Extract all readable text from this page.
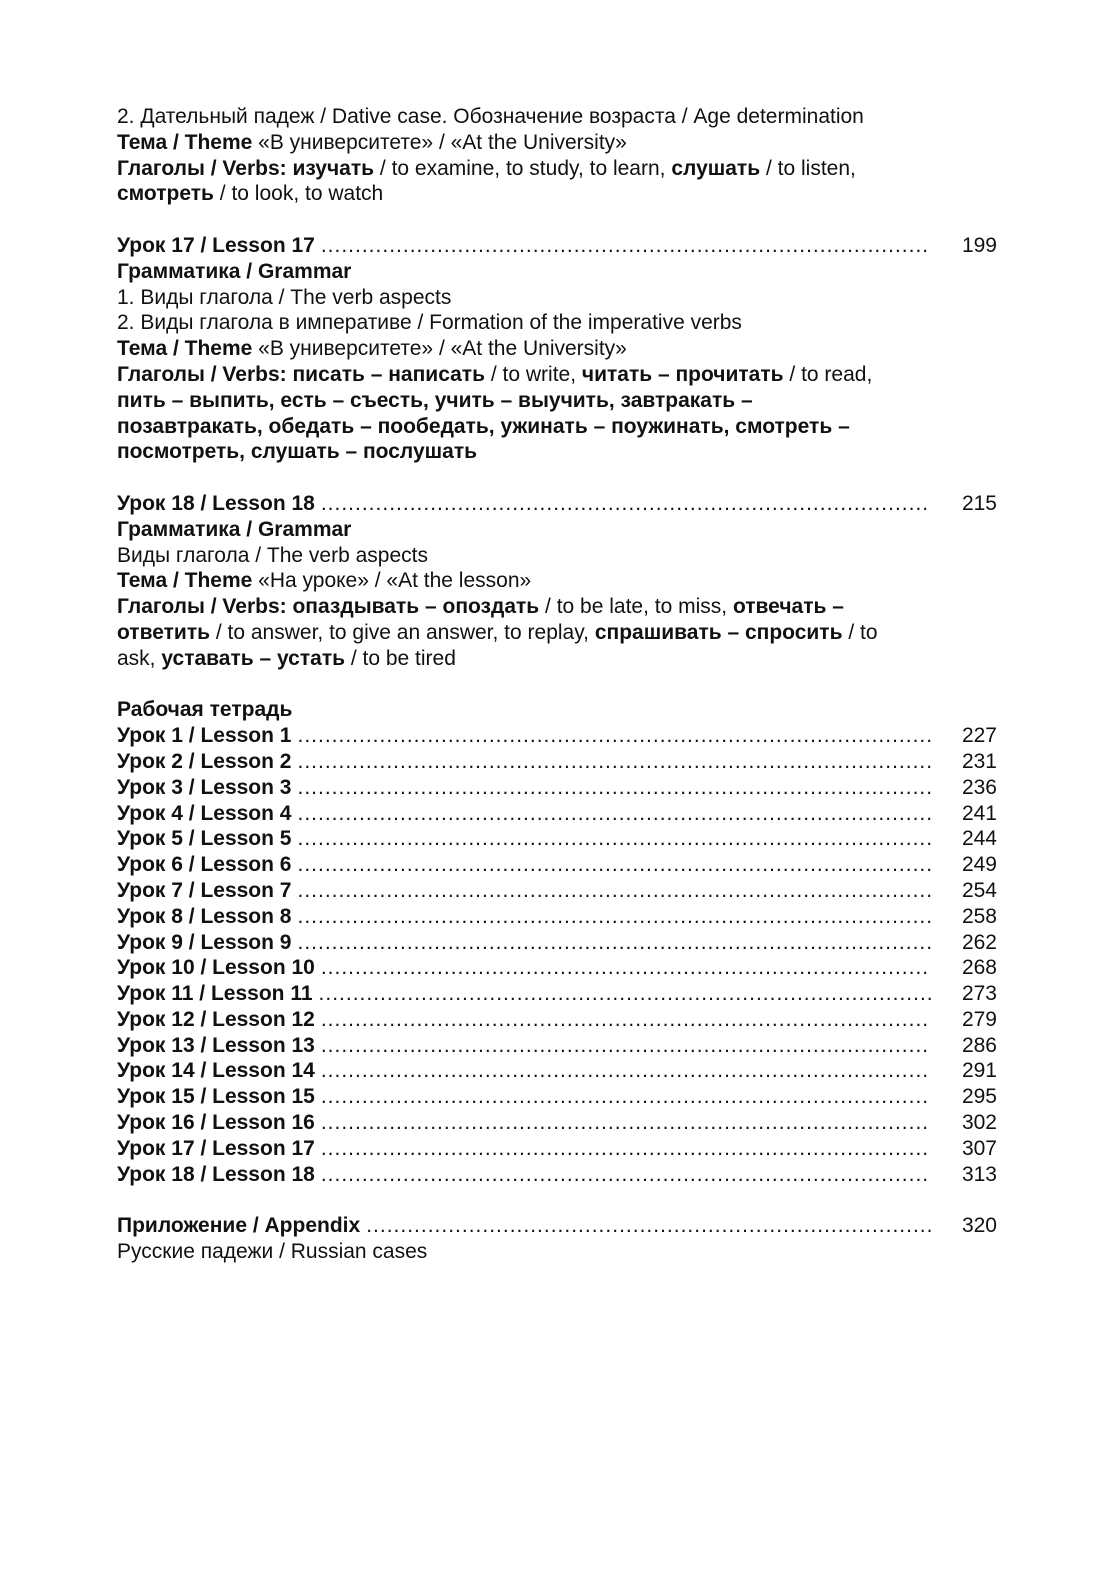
2. Дательный падеж / Dative case. Обозначение возраста / Age determination
Тема / Theme «В университете» / «At the University»
Глаголы / Verbs: изучать / to examine, to study, to learn, слушать / to listen,
смотреть / to look, to watch
Урок 17 / Lesson 17 .....	199
Грамматика / Grammar
1. Виды глагола / The verb aspects
2. Виды глагола в императиве / Formation of the imperative verbs
Тема / Theme «В университете» / «At the University»
Глаголы / Verbs: писать – написать / to write, читать – прочитать / to read,
пить – выпить, есть – съесть, учить – выучить, завтракать –
позавтракать, обедать – пообедать, ужинать – поужинать, смотреть –
посмотреть, слушать – послушать
Урок 18 / Lesson 18 .....	215
Грамматика / Grammar
Виды глагола / The verb aspects
Тема / Theme «На уроке» / «At the lesson»
Глаголы / Verbs: опаздывать – опоздать / to be late, to miss, отвечать –
ответить / to answer, to give an answer, to replay, спрашивать – спросить / to
ask, уставать – устать / to be tired
Рабочая тетрадь
Урок 1 / Lesson 1 .....	227
Урок 2 / Lesson 2 .....	231
Урок 3 / Lesson 3 .....	236
Урок 4 / Lesson 4 .....	241
Урок 5 / Lesson 5 .....	244
Урок 6 / Lesson 6 .....	249
Урок 7 / Lesson 7 .....	254
Урок 8 / Lesson 8 .....	258
Урок 9 / Lesson 9 .....	262
Урок 10 / Lesson 10 .....	268
Урок 11 / Lesson 11 .....	273
Урок 12 / Lesson 12 .....	279
Урок 13 / Lesson 13 .....	286
Урок 14 / Lesson 14 .....	291
Урок 15 / Lesson 15 .....	295
Урок 16 / Lesson 16 .....	302
Урок 17 / Lesson 17 .....	307
Урок 18 / Lesson 18 .....	313
Приложение / Appendix .....	320
Русские падежи / Russian cases
